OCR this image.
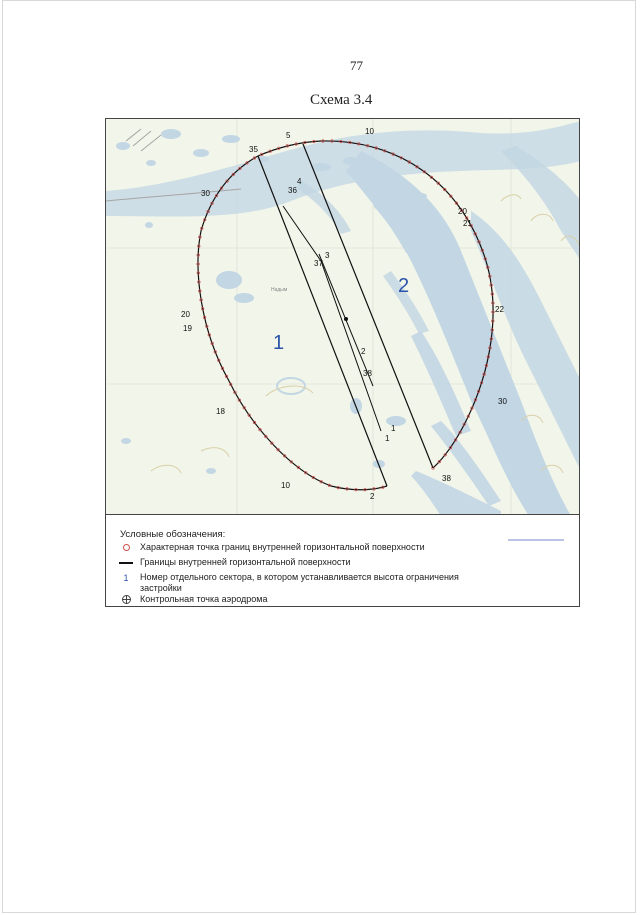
77
Схема 3.4
Надым
35
5	10
30	36
4
20
21
3
37
22
20
19
2
38
30
18
1
1
38
10
2
1
2
Условные обозначения:
Характерная точка границ внутренней горизонтальной поверхности
Границы внутренней горизонтальной поверхности
1 Номер отдельного сектора, в котором устанавливается высота ограничения застройки
Контрольная точка аэродрома
